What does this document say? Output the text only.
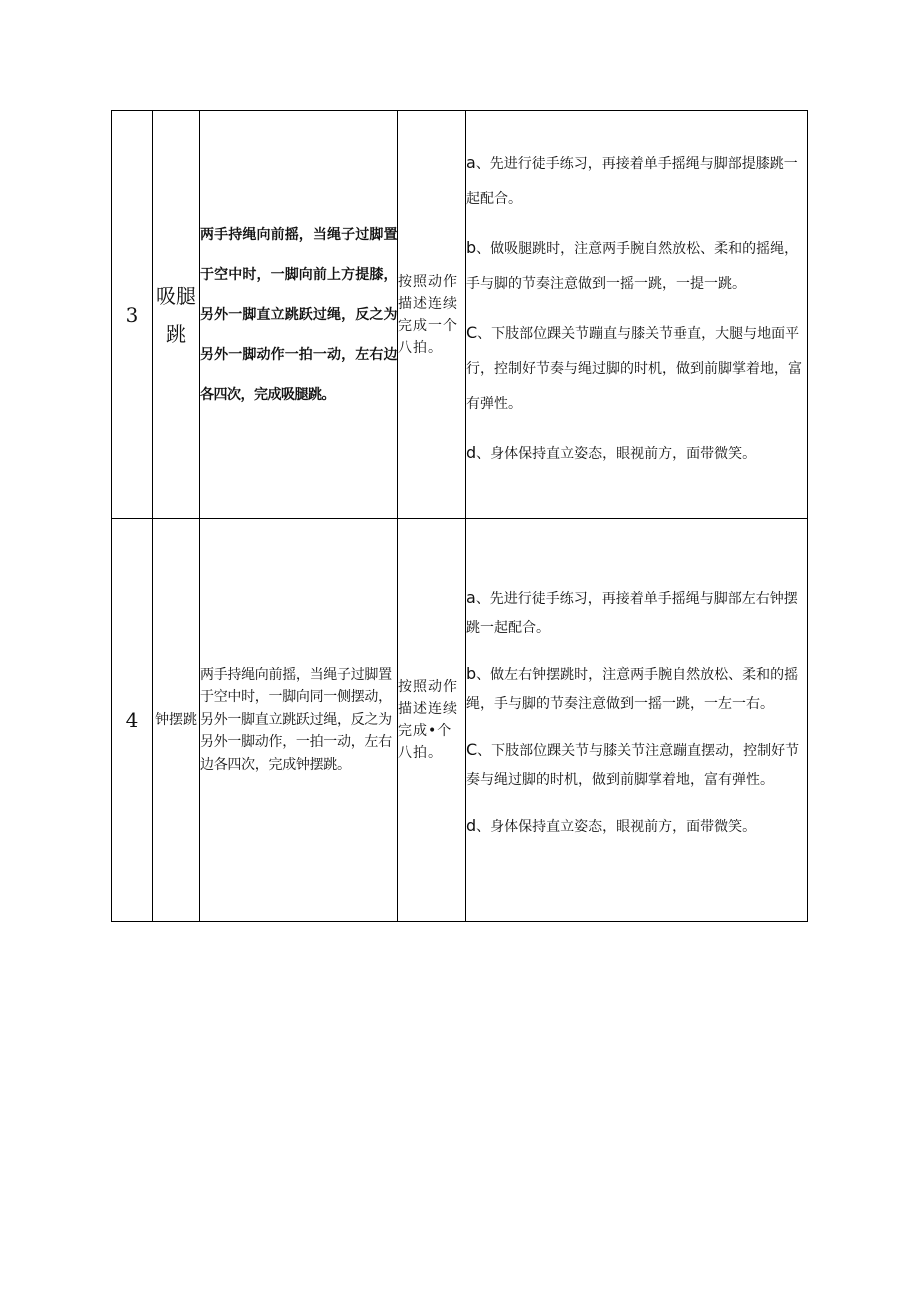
3	吸腿跳	两手持绳向前摇，当绳子过脚置于空中时，一脚向前上方提膝，另外一脚直立跳跃过绳，反之为另外一脚动作一拍一动，左右边各四次，完成吸腿跳。	按照动作描述连续完成一个八拍。	a、先进行徒手练习，再接着单手摇绳与脚部提膝跳一起配合。
b、做吸腿跳时，注意两手腕自然放松、柔和的摇绳，手与脚的节奏注意做到一摇一跳，一提一跳。
C、下肢部位踝关节蹦直与膝关节垂直，大腿与地面平行，控制好节奏与绳过脚的时机，做到前脚掌着地，富有弹性。
d、身体保持直立姿态，眼视前方，面带微笑。

4	钟摆跳	两手持绳向前摇，当绳子过脚置于空中时，一脚向同一侧摆动，另外一脚直立跳跃过绳，反之为另外一脚动作，一拍一动，左右边各四次，完成钟摆跳。	按照动作描述连续完成•个八拍。	a、先进行徒手练习，再接着单手摇绳与脚部左右钟摆跳一起配合。
b、做左右钟摆跳时，注意两手腕自然放松、柔和的摇绳，手与脚的节奏注意做到一摇一跳，一左一右。
C、下肢部位踝关节与膝关节注意蹦直摆动，控制好节奏与绳过脚的时机，做到前脚掌着地，富有弹性。
d、身体保持直立姿态，眼视前方，面带微笑。
